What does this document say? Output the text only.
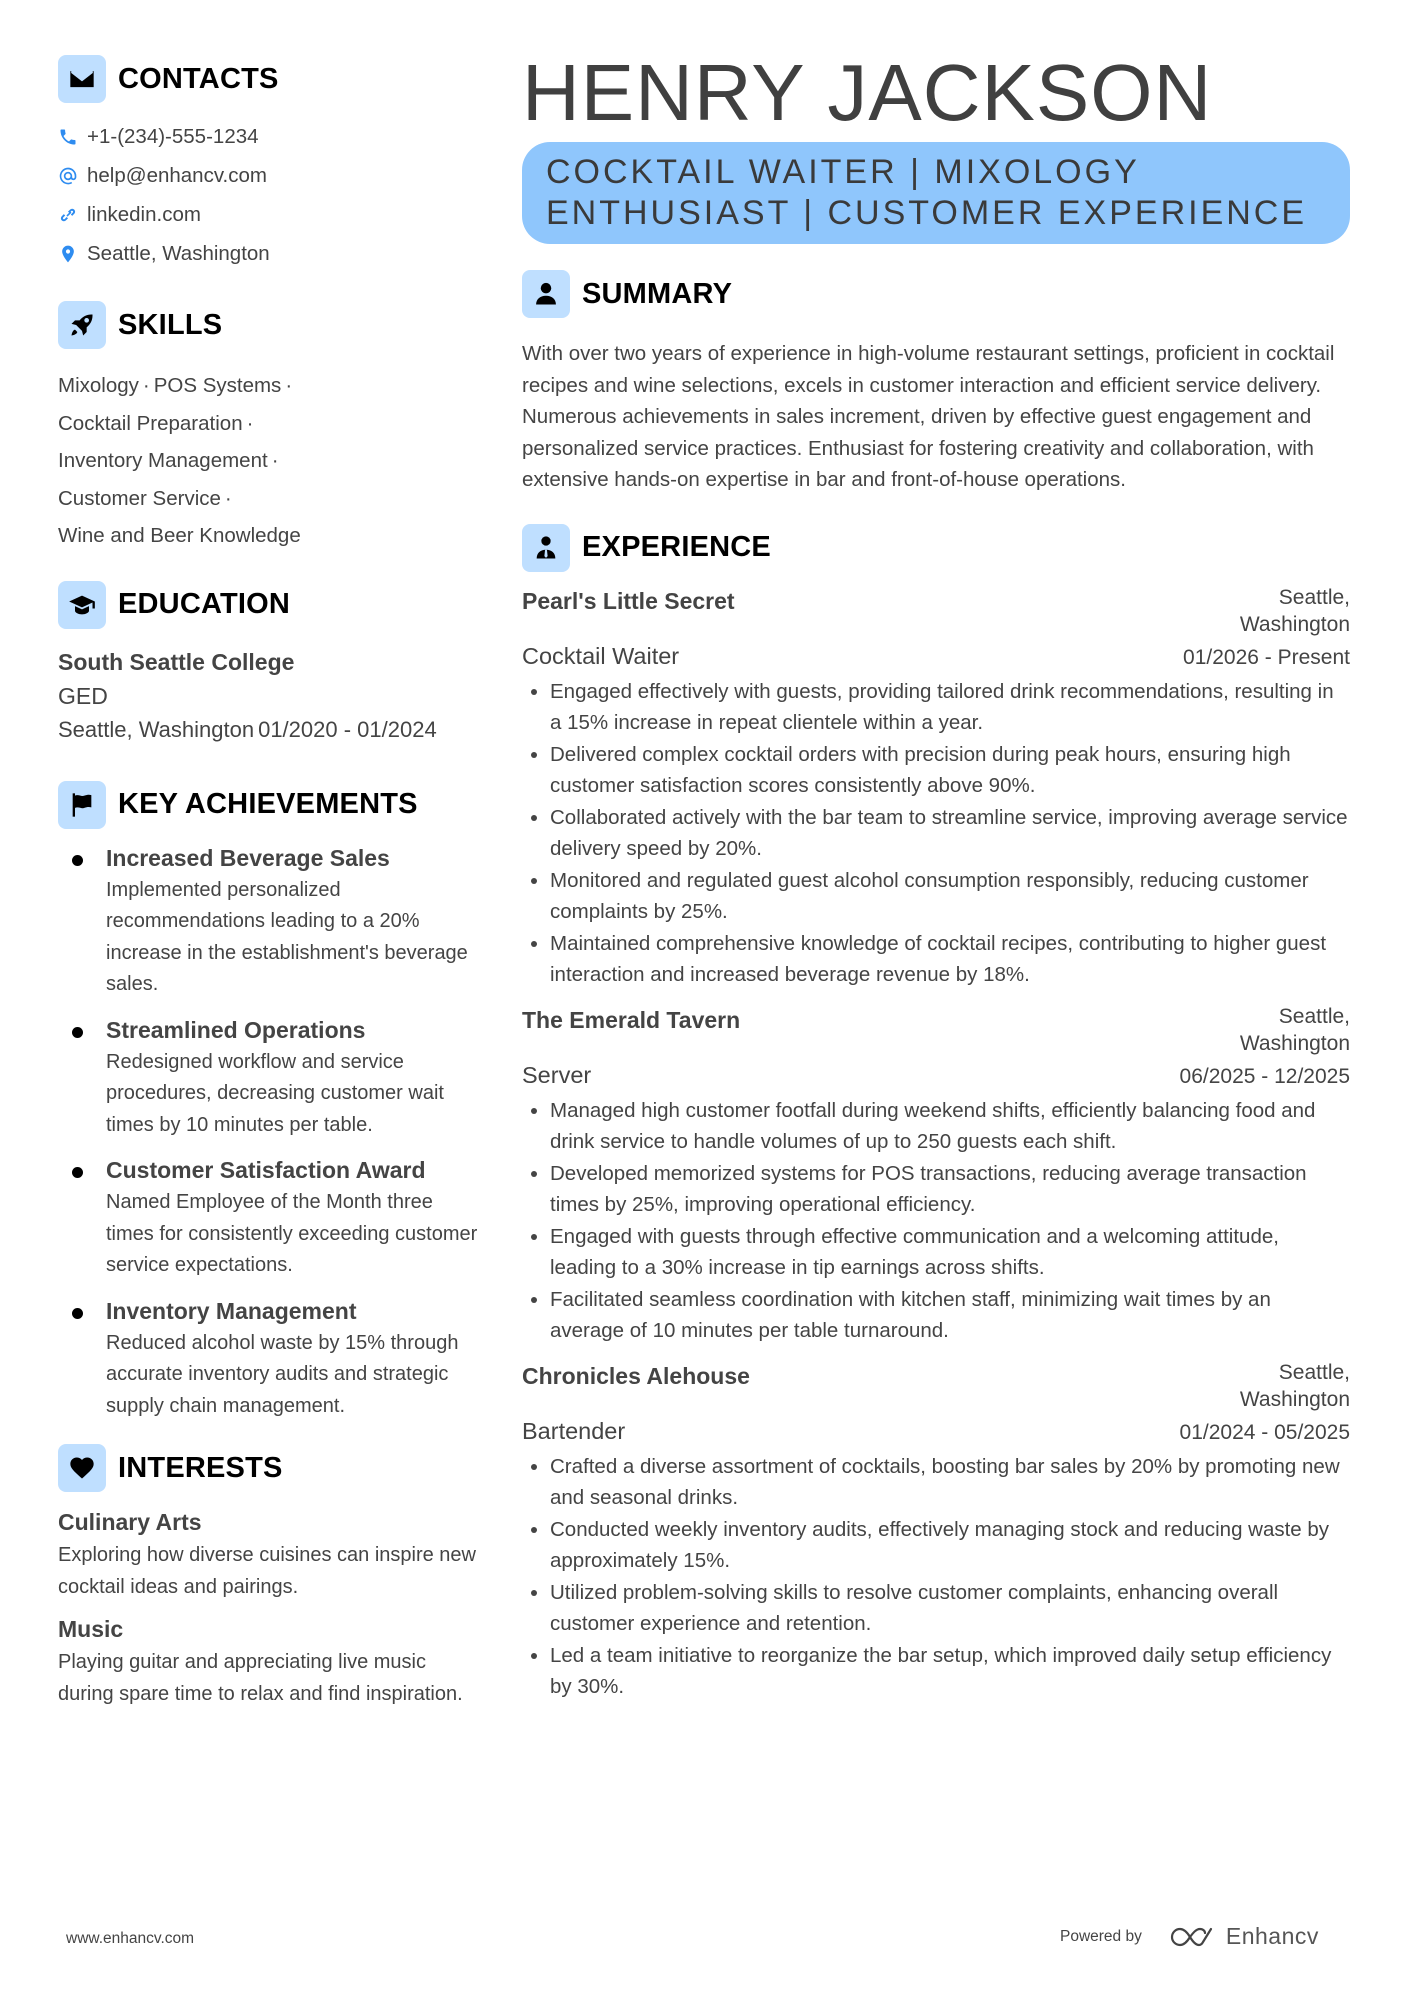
CONTACTS
+1-(234)-555-1234
help@enhancv.com
linkedin.com
Seattle, Washington
SKILLS
Mixology · POS Systems ·
Cocktail Preparation ·
Inventory Management ·
Customer Service ·
Wine and Beer Knowledge
EDUCATION
South Seattle College
GED
Seattle, Washington 01/2020 - 01/2024
KEY ACHIEVEMENTS
Increased Beverage Sales
Implemented personalized recommendations leading to a 20% increase in the establishment's beverage sales.
Streamlined Operations
Redesigned workflow and service procedures, decreasing customer wait times by 10 minutes per table.
Customer Satisfaction Award
Named Employee of the Month three times for consistently exceeding customer service expectations.
Inventory Management
Reduced alcohol waste by 15% through accurate inventory audits and strategic supply chain management.
INTERESTS
Culinary Arts
Exploring how diverse cuisines can inspire new cocktail ideas and pairings.
Music
Playing guitar and appreciating live music during spare time to relax and find inspiration.
HENRY JACKSON
COCKTAIL WAITER | MIXOLOGY ENTHUSIAST | CUSTOMER EXPERIENCE
SUMMARY
With over two years of experience in high-volume restaurant settings, proficient in cocktail recipes and wine selections, excels in customer interaction and efficient service delivery. Numerous achievements in sales increment, driven by effective guest engagement and personalized service practices. Enthusiast for fostering creativity and collaboration, with extensive hands-on expertise in bar and front-of-house operations.
EXPERIENCE
Pearl's Little Secret	Seattle, Washington
Cocktail Waiter	01/2026 - Present
Engaged effectively with guests, providing tailored drink recommendations, resulting in a 15% increase in repeat clientele within a year.
Delivered complex cocktail orders with precision during peak hours, ensuring high customer satisfaction scores consistently above 90%.
Collaborated actively with the bar team to streamline service, improving average service delivery speed by 20%.
Monitored and regulated guest alcohol consumption responsibly, reducing customer complaints by 25%.
Maintained comprehensive knowledge of cocktail recipes, contributing to higher guest interaction and increased beverage revenue by 18%.
The Emerald Tavern	Seattle, Washington
Server	06/2025 - 12/2025
Managed high customer footfall during weekend shifts, efficiently balancing food and drink service to handle volumes of up to 250 guests each shift.
Developed memorized systems for POS transactions, reducing average transaction times by 25%, improving operational efficiency.
Engaged with guests through effective communication and a welcoming attitude, leading to a 30% increase in tip earnings across shifts.
Facilitated seamless coordination with kitchen staff, minimizing wait times by an average of 10 minutes per table turnaround.
Chronicles Alehouse	Seattle, Washington
Bartender	01/2024 - 05/2025
Crafted a diverse assortment of cocktails, boosting bar sales by 20% by promoting new and seasonal drinks.
Conducted weekly inventory audits, effectively managing stock and reducing waste by approximately 15%.
Utilized problem-solving skills to resolve customer complaints, enhancing overall customer experience and retention.
Led a team initiative to reorganize the bar setup, which improved daily setup efficiency by 30%.
www.enhancv.com	Powered by	Enhancv
